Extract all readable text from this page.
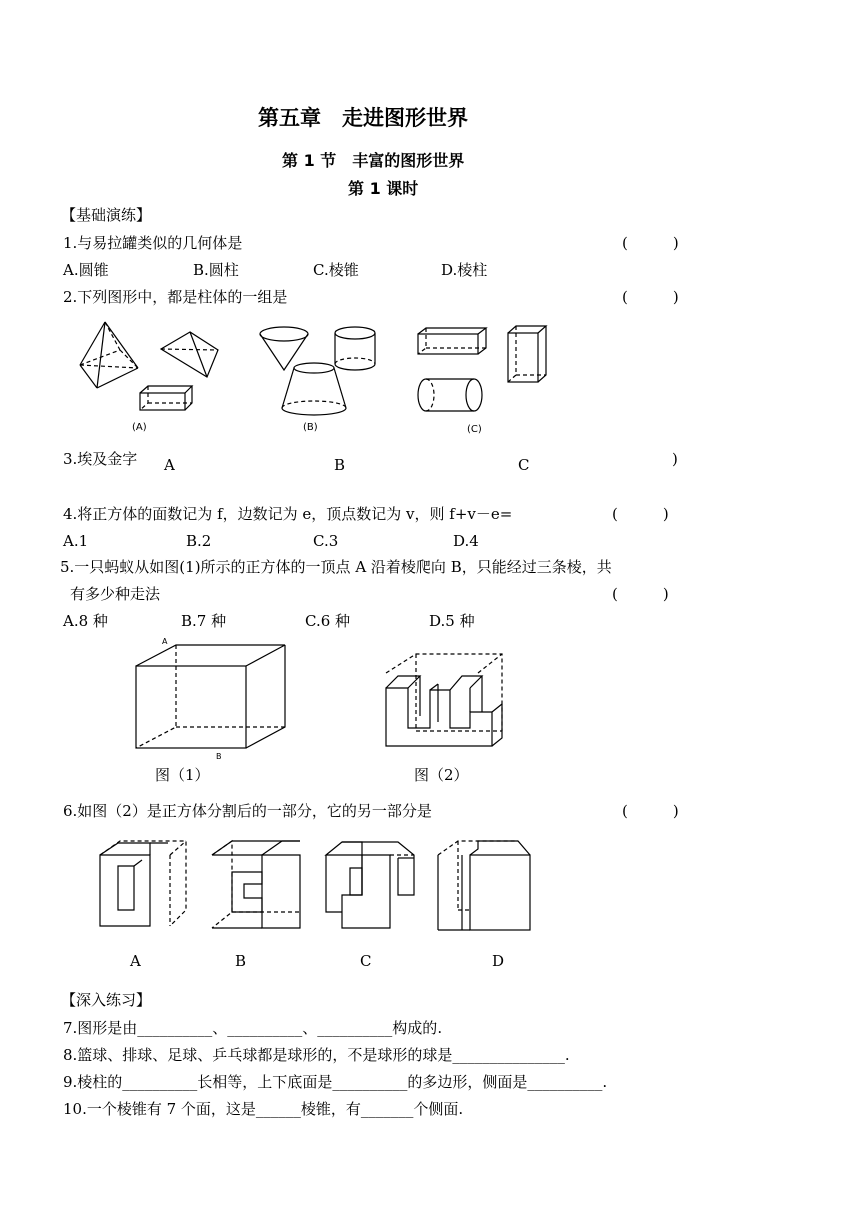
第五章　走进图形世界
第 1 节　丰富的图形世界
第 1 课时
【基础演练】
1.与易拉罐类似的几何体是	(　　　)
A.圆锥	B.圆柱	C.棱锥	D.棱柱
2.下列图形中，都是柱体的一组是	(　　　)
(A)	(B)	(C)
3.埃及金字	)
A	B	C
4.将正方体的面数记为 f，边数记为 e，顶点数记为 v，则 f+v－e=	(　　　)
A.1	B.2	C.3	D.4
5.一只蚂蚁从如图(1)所示的正方体的一顶点 A 沿着棱爬向 B，只能经过三条棱，共
有多少种走法	(　　　)
A.8 种	B.7 种	C.6 种	D.5 种
A
B
图（1）	图（2）
6.如图（2）是正方体分割后的一部分，它的另一部分是	(　　　)
A	B	C	D
【深入练习】
7.图形是由__________、__________、__________构成的.
8.篮球、排球、足球、乒乓球都是球形的，不是球形的球是_______________.
9.棱柱的__________长相等，上下底面是__________的多边形，侧面是__________.
10.一个棱锥有 7 个面，这是______棱锥，有_______个侧面.
